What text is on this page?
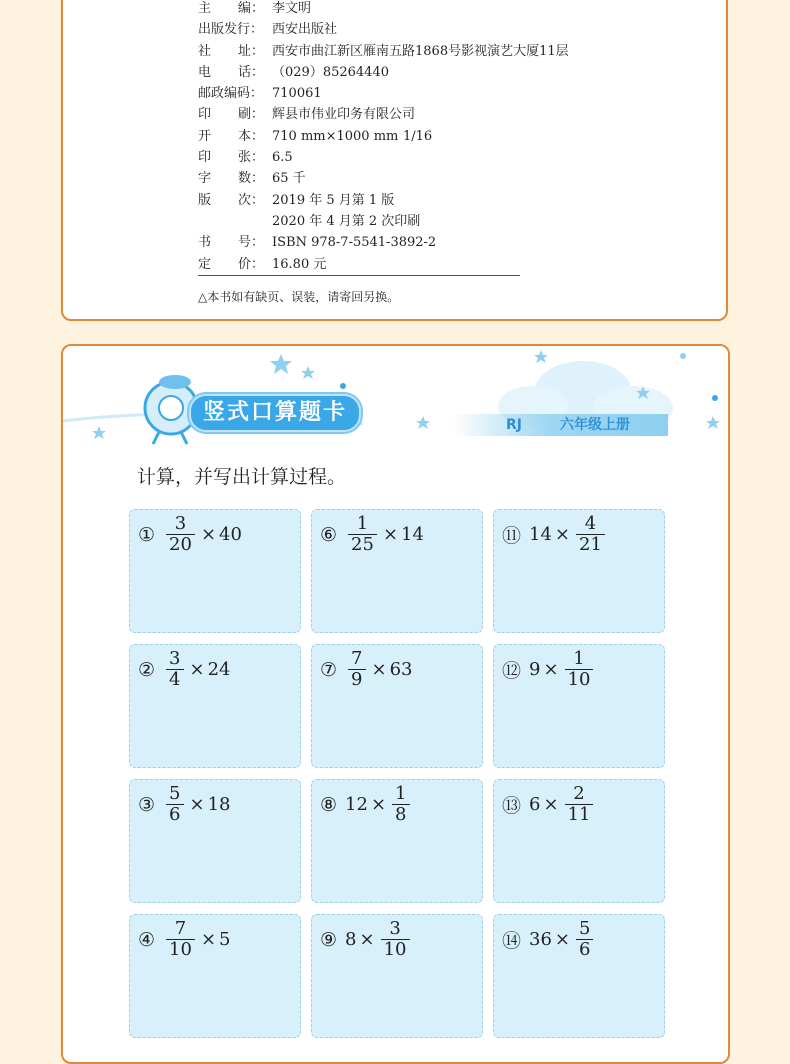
主 编： 李文明
出版发行： 西安出版社
社 址： 西安市曲江新区雁南五路1868号影视演艺大厦11层
电 话： （029）85264440
邮政编码： 710061
印 刷： 辉县市伟业印务有限公司
开 本： 710 mm×1000 mm 1/16
印 张： 6.5
字 数： 65 千
版 次： 2019 年 5 月第 1 版
2020 年 4 月第 2 次印刷
书 号： ISBN 978-7-5541-3892-2
定 价： 16.80 元
△本书如有缺页、误装，请寄回另换。
竖式口算题卡	RJ	六年级上册
计算，并写出计算过程。
① $\frac{3}{20} \times 40$	⑥ $\frac{1}{25} \times 14$	⑪ $14 \times \frac{4}{21}$
② $\frac{3}{4} \times 24$	⑦ $\frac{7}{9} \times 63$	⑫ $9 \times \frac{1}{10}$
③ $\frac{5}{6} \times 18$	⑧ $12 \times \frac{1}{8}$	⑬ $6 \times \frac{2}{11}$
④ $\frac{7}{10} \times 5$	⑨ $8 \times \frac{3}{10}$	⑭ $36 \times \frac{5}{6}$
